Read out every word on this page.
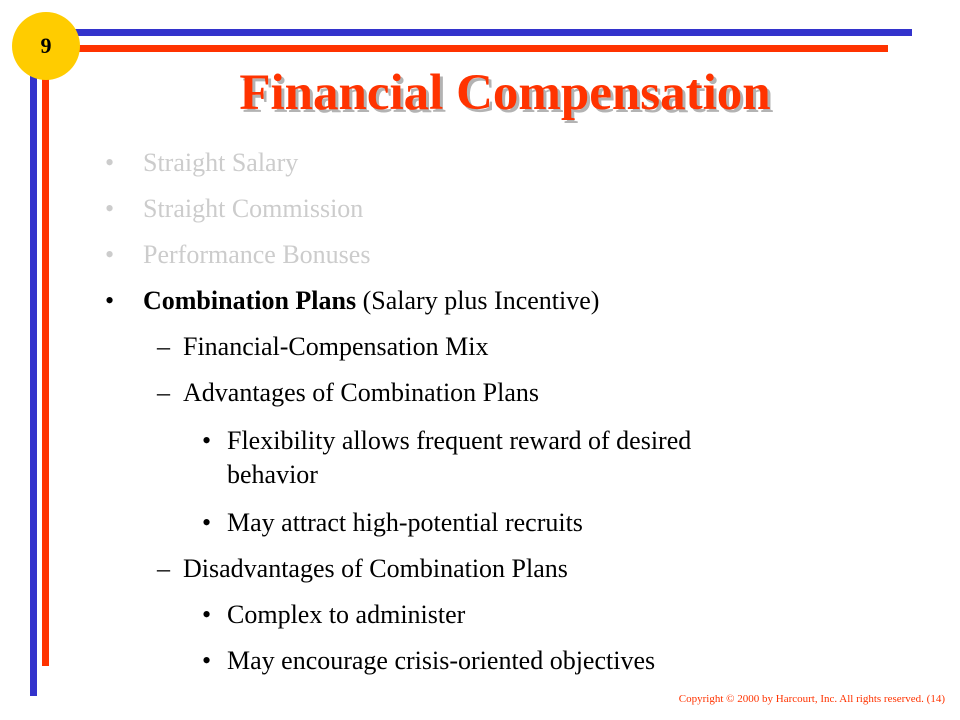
9
Financial Compensation
• Straight Salary
• Straight Commission
• Performance Bonuses
• Combination Plans (Salary plus Incentive)
– Financial-Compensation Mix
– Advantages of Combination Plans
• Flexibility allows frequent reward of desired
behavior
• May attract high-potential recruits
– Disadvantages of Combination Plans
• Complex to administer
• May encourage crisis-oriented objectives
Copyright © 2000 by Harcourt, Inc. All rights reserved. (14)
